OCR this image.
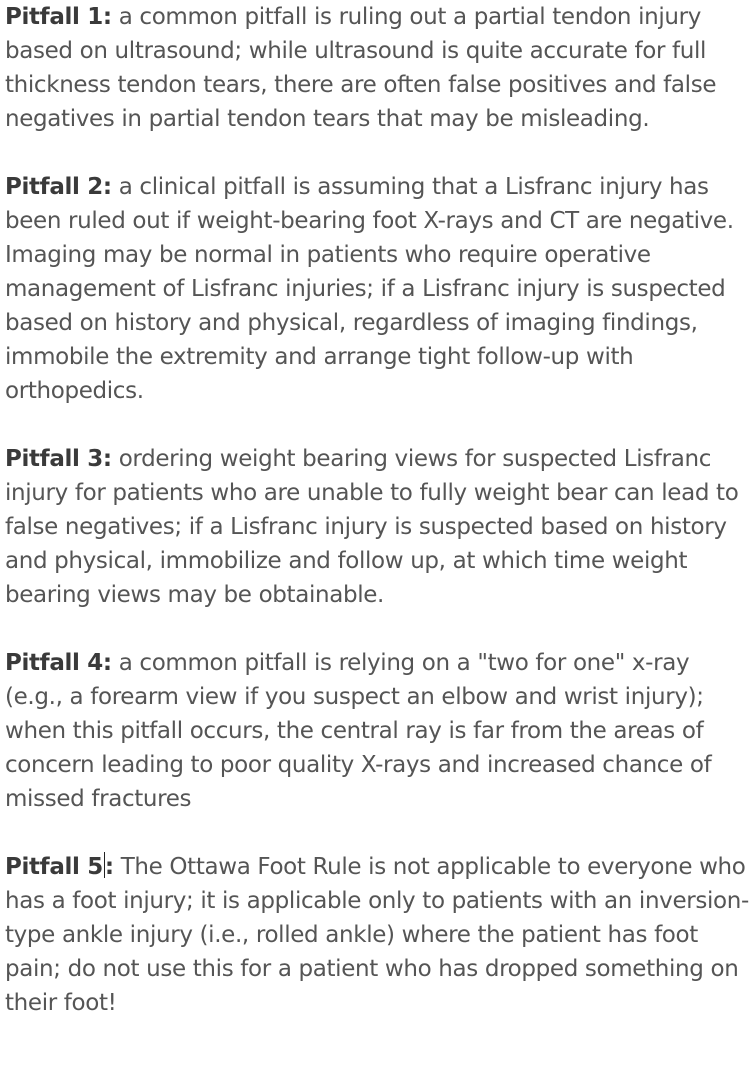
Pitfall 1: a common pitfall is ruling out a partial tendon injury based on ultrasound; while ultrasound is quite accurate for full thickness tendon tears, there are often false positives and false negatives in partial tendon tears that may be misleading.

Pitfall 2: a clinical pitfall is assuming that a Lisfranc injury has been ruled out if weight-bearing foot X-rays and CT are negative. Imaging may be normal in patients who require operative management of Lisfranc injuries; if a Lisfranc injury is suspected based on history and physical, regardless of imaging findings, immobile the extremity and arrange tight follow-up with orthopedics.

Pitfall 3: ordering weight bearing views for suspected Lisfranc injury for patients who are unable to fully weight bear can lead to false negatives; if a Lisfranc injury is suspected based on history and physical, immobilize and follow up, at which time weight bearing views may be obtainable.

Pitfall 4: a common pitfall is relying on a "two for one" x-ray (e.g., a forearm view if you suspect an elbow and wrist injury); when this pitfall occurs, the central ray is far from the areas of concern leading to poor quality X-rays and increased chance of missed fractures

Pitfall 5: The Ottawa Foot Rule is not applicable to everyone who has a foot injury; it is applicable only to patients with an inversion-type ankle injury (i.e., rolled ankle) where the patient has foot pain; do not use this for a patient who has dropped something on their foot!
